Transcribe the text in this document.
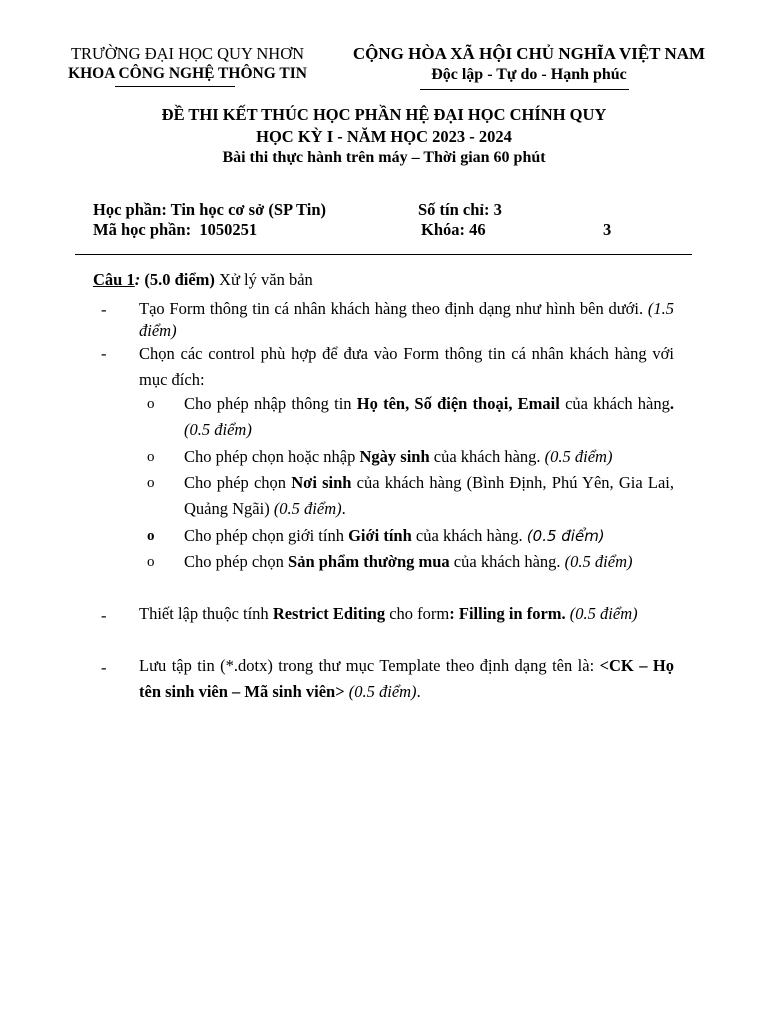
TRƯỜNG ĐẠI HỌC QUY NHƠN
KHOA CÔNG NGHỆ THÔNG TIN
CỘNG HÒA XÃ HỘI CHỦ NGHĨA VIỆT NAM
Độc lập - Tự do - Hạnh phúc
ĐỀ THI KẾT THÚC HỌC PHẦN HỆ ĐẠI HỌC CHÍNH QUY
HỌC KỲ I - NĂM HỌC 2023 - 2024
Bài thi thực hành trên máy – Thời gian 60 phút
Học phần: Tin học cơ sở (SP Tin)	Số tín chỉ: 3
Mã học phần: 1050251	Khóa: 46	3
Câu 1: (5.0 điểm) Xử lý văn bản
- Tạo Form thông tin cá nhân khách hàng theo định dạng như hình bên dưới. (1.5 điểm)
- Chọn các control phù hợp để đưa vào Form thông tin cá nhân khách hàng với mục đích:
o Cho phép nhập thông tin Họ tên, Số điện thoại, Email của khách hàng. (0.5 điểm)
o Cho phép chọn hoặc nhập Ngày sinh của khách hàng. (0.5 điểm)
o Cho phép chọn Nơi sinh của khách hàng (Bình Định, Phú Yên, Gia Lai, Quảng Ngãi) (0.5 điểm).
o Cho phép chọn giới tính Giới tính của khách hàng. (0.5 điểm)
o Cho phép chọn Sản phẩm thường mua của khách hàng. (0.5 điểm)
- Thiết lập thuộc tính Restrict Editing cho form: Filling in form. (0.5 điểm)
- Lưu tập tin (*.dotx) trong thư mục Template theo định dạng tên là: <CK – Họ tên sinh viên – Mã sinh viên> (0.5 điểm).
